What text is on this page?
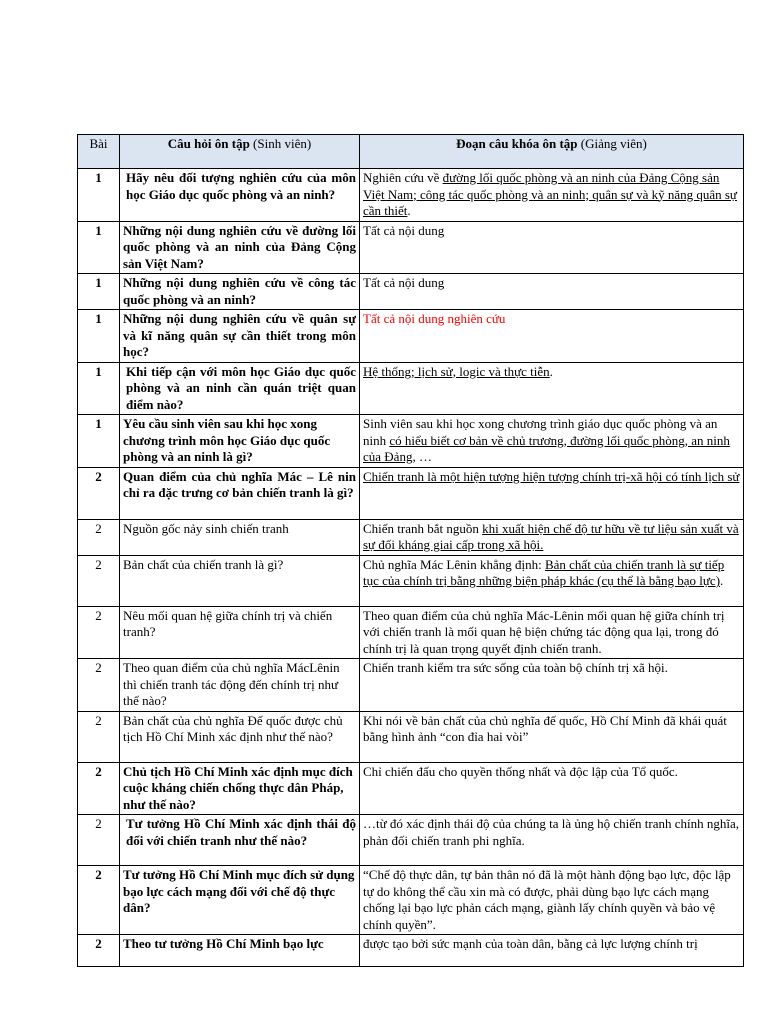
Bài	Câu hỏi ôn tập (Sinh viên)	Đoạn câu khóa ôn tập (Giảng viên)
1	Hãy nêu đối tượng nghiên cứu của môn học Giáo dục quốc phòng và an ninh?	Nghiên cứu về đường lối quốc phòng và an ninh của Đảng Cộng sản Việt Nam; công tác quốc phòng và an ninh; quân sự và kỹ năng quân sự cần thiết.
1	Những nội dung nghiên cứu về đường lối quốc phòng và an ninh của Đảng Cộng sản Việt Nam?	Tất cả nội dung
1	Những nội dung nghiên cứu về công tác quốc phòng và an ninh?	Tất cả nội dung
1	Những nội dung nghiên cứu về quân sự và kĩ năng quân sự cần thiết trong môn học?	Tất cả nội dung nghiên cứu
1	Khi tiếp cận với môn học Giáo dục quốc phòng và an ninh cần quán triệt quan điểm nào?	Hệ thống; lịch sử, logic và thực tiễn.
1	Yêu cầu sinh viên sau khi học xong chương trình môn học Giáo dục quốc phòng và an ninh là gì?	Sinh viên sau khi học xong chương trình giáo dục quốc phòng và an ninh có hiểu biết cơ bản về chủ trương, đường lối quốc phòng, an ninh của Đảng, …
2	Quan điểm của chủ nghĩa Mác – Lê nin chỉ ra đặc trưng cơ bản chiến tranh là gì?	Chiến tranh là một hiện tượng hiện tượng chính trị-xã hội có tính lịch sử
2	Nguồn gốc nảy sinh chiến tranh	Chiến tranh bắt nguồn khi xuất hiện chế độ tư hữu về tư liệu sản xuất và sự đối kháng giai cấp trong xã hội.
2	Bản chất của chiến tranh là gì?	Chủ nghĩa Mác Lênin khẳng định: Bản chất của chiến tranh là sự tiếp tục của chính trị bằng những biện pháp khác (cụ thể là bằng bạo lực).
2	Nêu mối quan hệ giữa chính trị và chiến tranh?	Theo quan điểm của chủ nghĩa Mác-Lênin mối quan hệ giữa chính trị với chiến tranh là mối quan hệ biện chứng tác động qua lại, trong đó chính trị là quan trọng quyết định chiến tranh.
2	Theo quan điểm của chủ nghĩa MácLênin thì chiến tranh tác động đến chính trị như thế nào?	Chiến tranh kiểm tra sức sống của toàn bộ chính trị xã hội.
2	Bản chất của chủ nghĩa Đế quốc được chủ tịch Hồ Chí Minh xác định như thế nào?	Khi nói về bản chất của chủ nghĩa đế quốc, Hồ Chí Minh đã khái quát bằng hình ảnh “con đỉa hai vòi”
2	Chủ tịch Hồ Chí Minh xác định mục đích cuộc kháng chiến chống thực dân Pháp, như thế nào?	Chỉ chiến đấu cho quyền thống nhất và độc lập của Tổ quốc.
2	Tư tưởng Hồ Chí Minh xác định thái độ đối với chiến tranh như thế nào?	…từ đó xác định thái độ của chúng ta là ủng hộ chiến tranh chính nghĩa, phản đối chiến tranh phi nghĩa.
2	Tư tưởng Hồ Chí Minh mục đích sử dụng bạo lực cách mạng đối với chế độ thực dân?	“Chế độ thực dân, tự bản thân nó đã là một hành động bạo lực, độc lập tự do không thể cầu xin mà có được, phải dùng bạo lực cách mạng chống lại bạo lực phản cách mạng, giành lấy chính quyền và bảo vệ chính quyền”.
2	Theo tư tưởng Hồ Chí Minh bạo lực	được tạo bởi sức mạnh của toàn dân, bằng cả lực lượng chính trị
